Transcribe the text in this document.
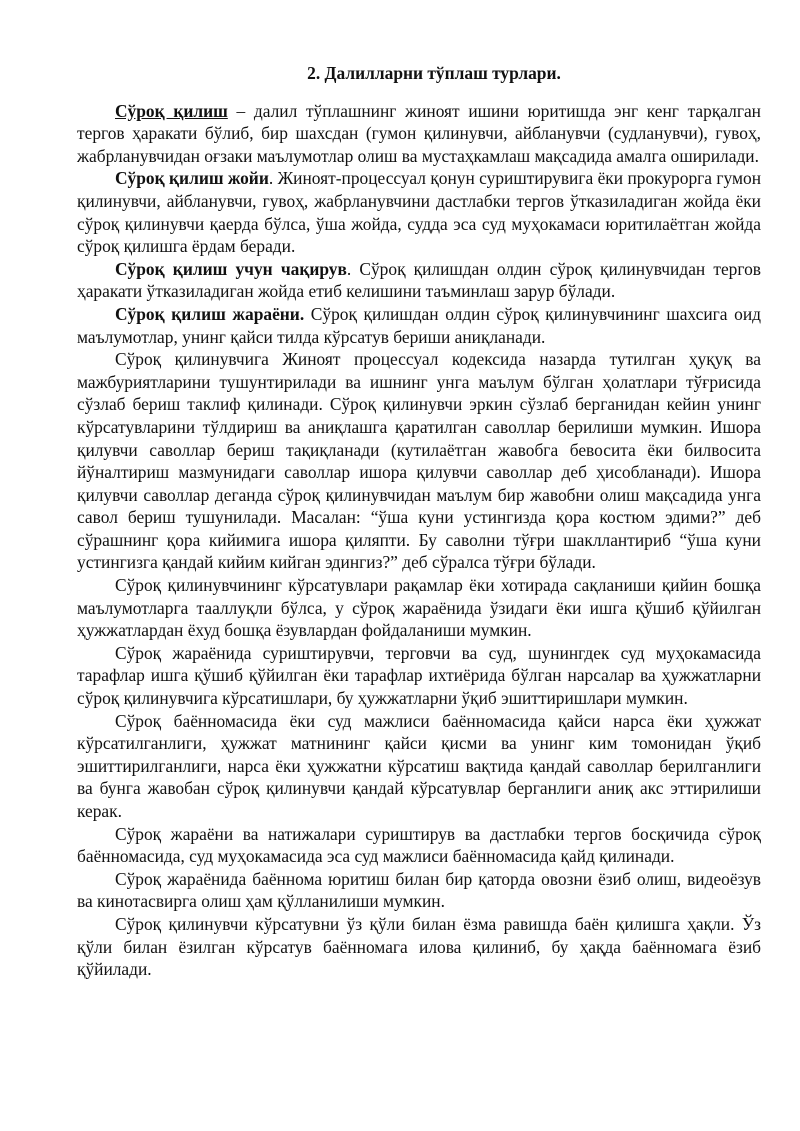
2. Далилларни тўплаш турлари.

Сўроқ қилиш – далил тўплашнинг жиноят ишини юритишда энг кенг тарқалган тергов ҳаракати бўлиб, бир шахсдан (гумон қилинувчи, айбланувчи (судланувчи), гувоҳ, жабрланувчидан оғзаки маълумотлар олиш ва мустаҳкамлаш мақсадида амалга оширилади.

Сўроқ қилиш жойи. Жиноят-процессуал қонун суриштирувига ёки прокурорга гумон қилинувчи, айбланувчи, гувоҳ, жабрланувчини дастлабки тергов ўтказиладиган жойда ёки сўроқ қилинувчи қаерда бўлса, ўша жойда, судда эса суд муҳокамаси юритилаётган жойда сўроқ қилишга ёрдам беради.

Сўроқ қилиш учун чақирув. Сўроқ қилишдан олдин сўроқ қилинувчидан тергов ҳаракати ўтказиладиган жойда етиб келишини таъминлаш зарур бўлади.

Сўроқ қилиш жараёни. Сўроқ қилишдан олдин сўроқ қилинувчининг шахсига оид маълумотлар, унинг қайси тилда кўрсатув бериши аниқланади.

Сўроқ қилинувчига Жиноят процессуал кодексида назарда тутилган ҳуқуқ ва мажбуриятларини тушунтирилади ва ишнинг унга маълум бўлган ҳолатлари тўғрисида сўзлаб бериш таклиф қилинади. Сўроқ қилинувчи эркин сўзлаб берганидан кейин унинг кўрсатувларини тўлдириш ва аниқлашга қаратилган саволлар берилиши мумкин. Ишора қилувчи саволлар бериш тақиқланади (кутилаётган жавобга бевосита ёки билвосита йўналтириш мазмунидаги саволлар ишора қилувчи саволлар деб ҳисобланади). Ишора қилувчи саволлар деганда сўроқ қилинувчидан маълум бир жавобни олиш мақсадида унга савол бериш тушунилади. Масалан: “ўша куни устингизда қора костюм эдими?” деб сўрашнинг қора кийимига ишора қиляпти. Бу саволни тўғри шакллантириб “ўша куни устингизга қандай кийим кийган эдингиз?” деб сўралса тўғри бўлади.

Сўроқ қилинувчининг кўрсатувлари рақамлар ёки хотирада сақланиши қийин бошқа маълумотларга тааллуқли бўлса, у сўроқ жараёнида ўзидаги ёки ишга қўшиб қўйилган ҳужжатлардан ёхуд бошқа ёзувлардан фойдаланиши мумкин.

Сўроқ жараёнида суриштирувчи, терговчи ва суд, шунингдек суд муҳокамасида тарафлар ишга қўшиб қўйилган ёки тарафлар ихтиёрида бўлган нарсалар ва ҳужжатларни сўроқ қилинувчига кўрсатишлари, бу ҳужжатларни ўқиб эшиттиришлари мумкин.

Сўроқ баённомасида ёки суд мажлиси баённомасида қайси нарса ёки ҳужжат кўрсатилганлиги, ҳужжат матнининг қайси қисми ва унинг ким томонидан ўқиб эшиттирилганлиги, нарса ёки ҳужжатни кўрсатиш вақтида қандай саволлар берилганлиги ва бунга жавобан сўроқ қилинувчи қандай кўрсатувлар берганлиги аниқ акс эттирилиши керак.

Сўроқ жараёни ва натижалари суриштирув ва дастлабки тергов босқичида сўроқ баённомасида, суд муҳокамасида эса суд мажлиси баённомасида қайд қилинади.

Сўроқ жараёнида баённома юритиш билан бир қаторда овозни ёзиб олиш, видеоёзув ва кинотасвирга олиш ҳам қўлланилиши мумкин.

Сўроқ қилинувчи кўрсатувни ўз қўли билан ёзма равишда баён қилишга ҳақли. Ўз қўли билан ёзилган кўрсатув баённомага илова қилиниб, бу ҳақда баённомага ёзиб қўйилади.
